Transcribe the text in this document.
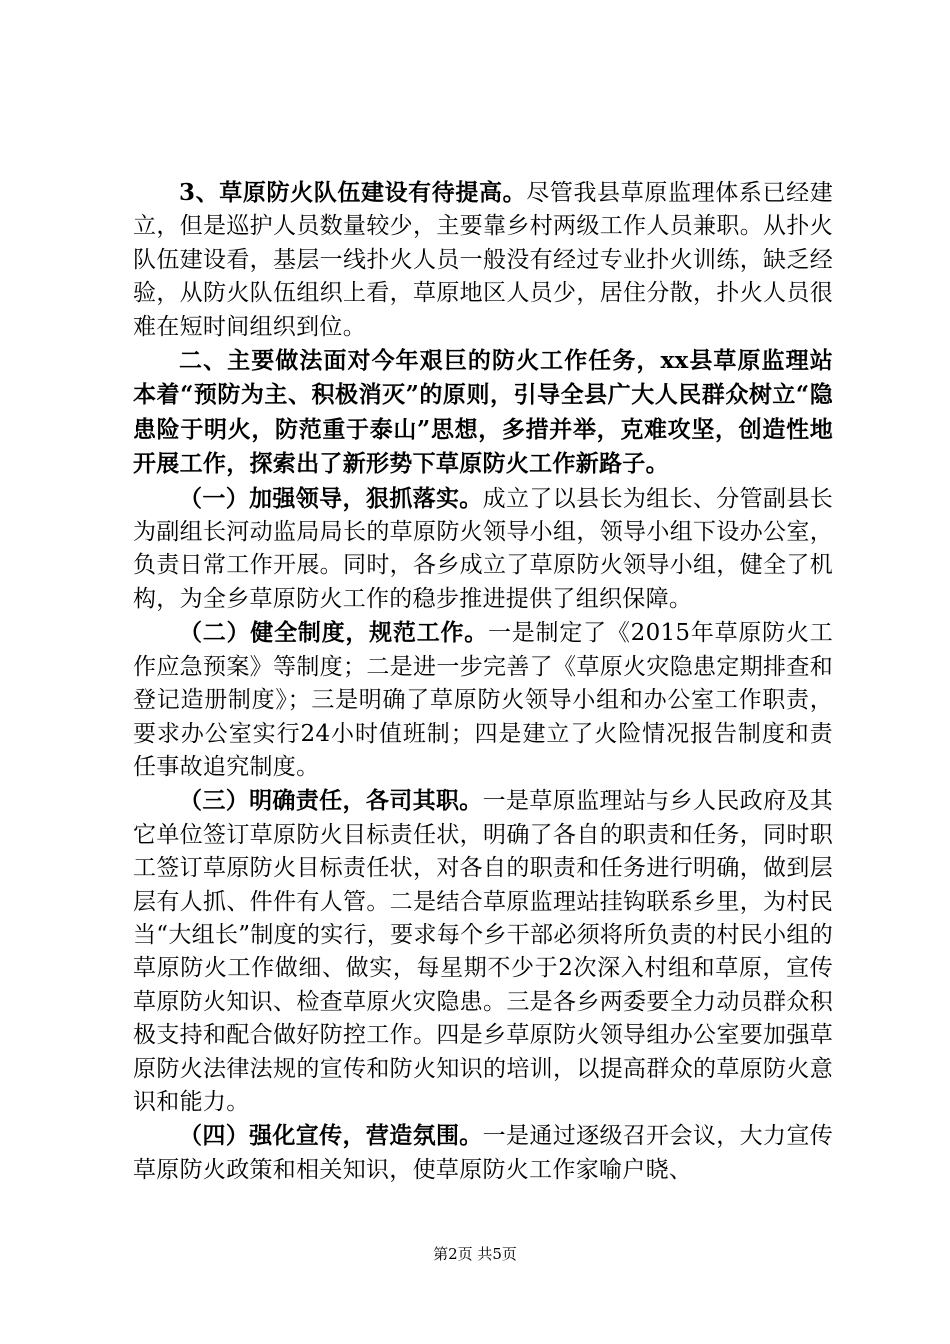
3、草原防火队伍建设有待提高。尽管我县草原监理体系已经建立，但是巡护人员数量较少，主要靠乡村两级工作人员兼职。从扑火队伍建设看，基层一线扑火人员一般没有经过专业扑火训练，缺乏经验，从防火队伍组织上看，草原地区人员少，居住分散，扑火人员很难在短时间组织到位。

二、主要做法面对今年艰巨的防火工作任务，xx县草原监理站本着“预防为主、积极消灭”的原则，引导全县广大人民群众树立“隐患险于明火，防范重于泰山”思想，多措并举，克难攻坚，创造性地开展工作，探索出了新形势下草原防火工作新路子。

（一）加强领导，狠抓落实。成立了以县长为组长、分管副县长为副组长河动监局局长的草原防火领导小组，领导小组下设办公室，负责日常工作开展。同时，各乡成立了草原防火领导小组，健全了机构，为全乡草原防火工作的稳步推进提供了组织保障。

（二）健全制度，规范工作。一是制定了《2015年草原防火工作应急预案》等制度；二是进一步完善了《草原火灾隐患定期排查和登记造册制度》；三是明确了草原防火领导小组和办公室工作职责，要求办公室实行24小时值班制；四是建立了火险情况报告制度和责任事故追究制度。

（三）明确责任，各司其职。一是草原监理站与乡人民政府及其它单位签订草原防火目标责任状，明确了各自的职责和任务，同时职工签订草原防火目标责任状，对各自的职责和任务进行明确，做到层层有人抓、件件有人管。二是结合草原监理站挂钩联系乡里，为村民当“大组长”制度的实行，要求每个乡干部必须将所负责的村民小组的草原防火工作做细、做实，每星期不少于2次深入村组和草原，宣传草原防火知识、检查草原火灾隐患。三是各乡两委要全力动员群众积极支持和配合做好防控工作。四是乡草原防火领导组办公室要加强草原防火法律法规的宣传和防火知识的培训，以提高群众的草原防火意识和能力。

（四）强化宣传，营造氛围。一是通过逐级召开会议，大力宣传草原防火政策和相关知识，使草原防火工作家喻户晓、

第2页 共5页
